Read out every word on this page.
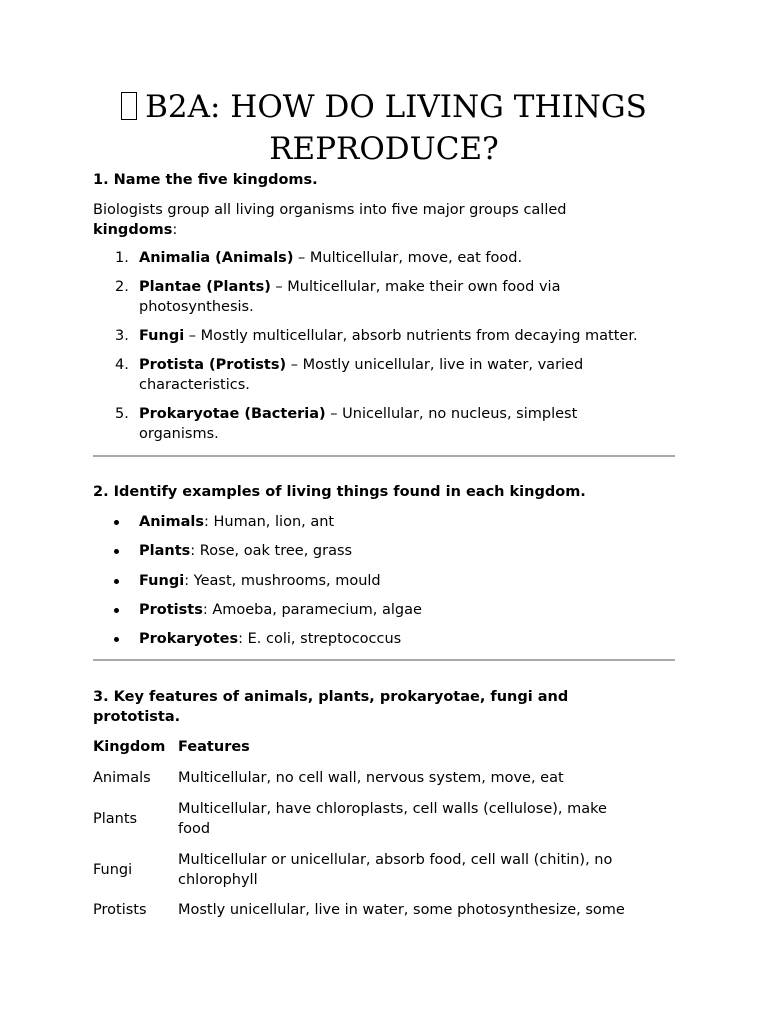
B2A: HOW DO LIVING THINGS
REPRODUCE?

1. Name the five kingdoms.

Biologists group all living organisms into five major groups called
kingdoms:

1. Animalia (Animals) – Multicellular, move, eat food.
2. Plantae (Plants) – Multicellular, make their own food via
photosynthesis.
3. Fungi – Mostly multicellular, absorb nutrients from decaying matter.
4. Protista (Protists) – Mostly unicellular, live in water, varied
characteristics.
5. Prokaryotae (Bacteria) – Unicellular, no nucleus, simplest
organisms.

2. Identify examples of living things found in each kingdom.

Animals: Human, lion, ant
Plants: Rose, oak tree, grass
Fungi: Yeast, mushrooms, mould
Protists: Amoeba, paramecium, algae
Prokaryotes: E. coli, streptococcus

3. Key features of animals, plants, prokaryotae, fungi and
prototista.

Kingdom Features
Animals	Multicellular, no cell wall, nervous system, move, eat
Plants
Multicellular, have chloroplasts, cell walls (cellulose), make
food
Fungi
Multicellular or unicellular, absorb food, cell wall (chitin), no
chlorophyll
Protists	Mostly unicellular, live in water, some photosynthesize, some
